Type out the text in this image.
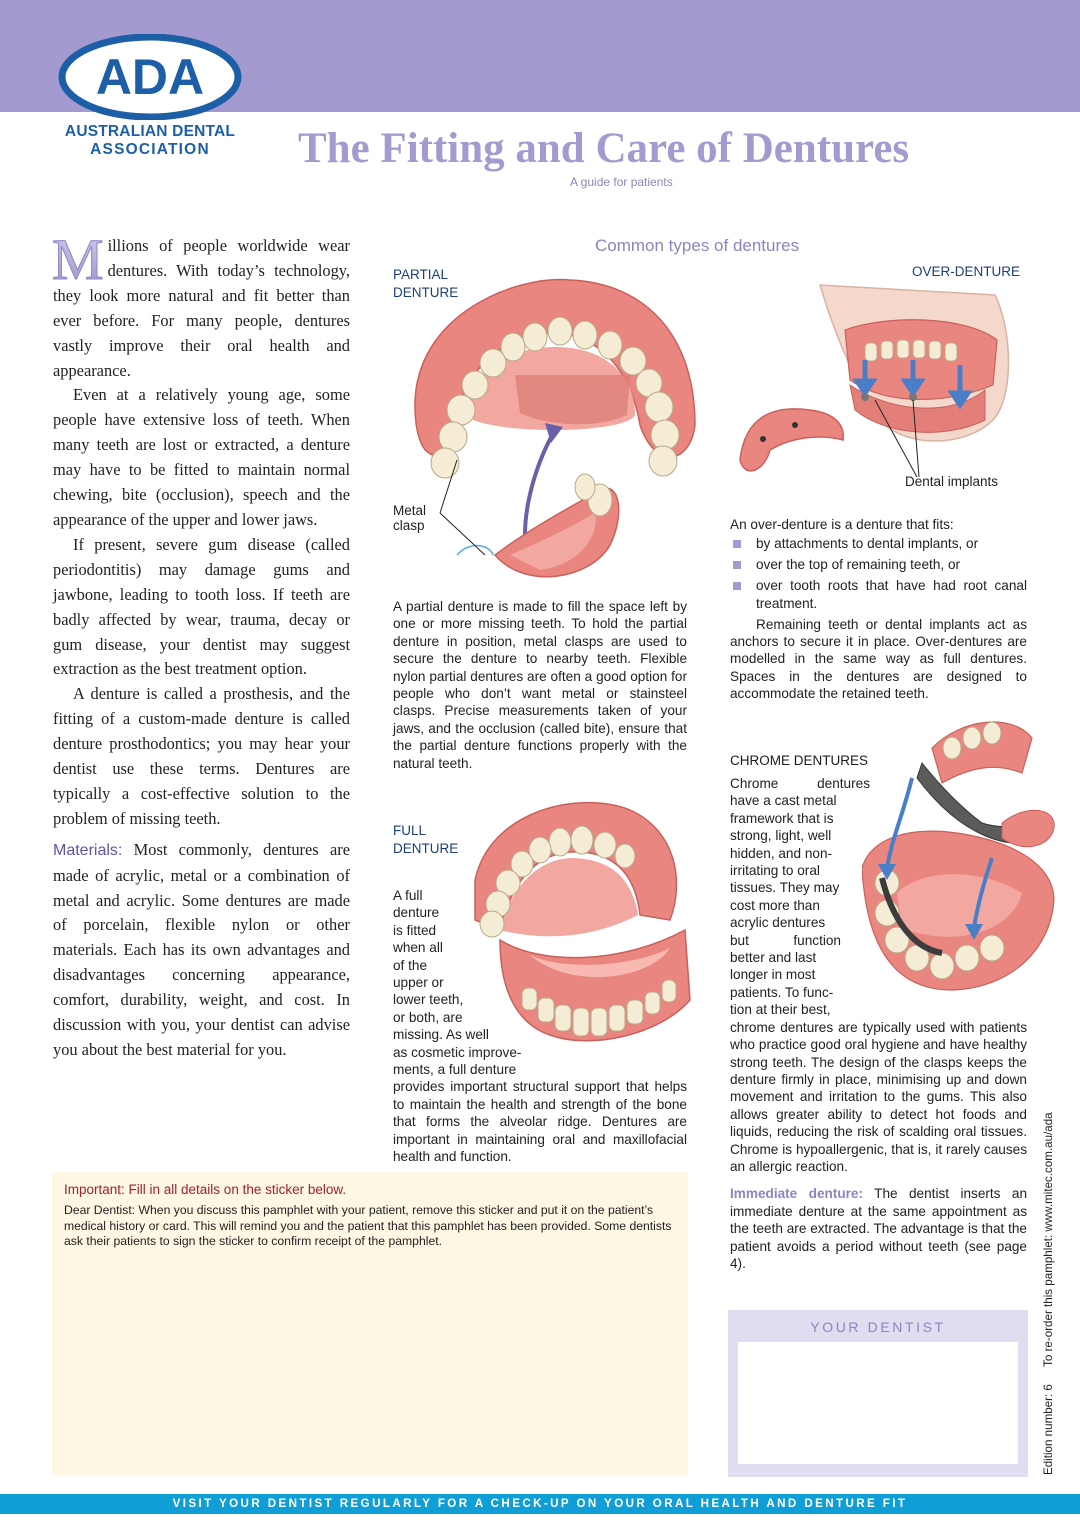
ADA
AUSTRALIAN DENTAL
ASSOCIATION	The Fitting and Care of Dentures
A guide for patients

M illions of people worldwide wear dentures. With today’s technology, they look more natural and fit better than ever before. For many people, dentures vastly improve their oral health and appearance.

Even at a relatively young age, some people have extensive loss of teeth. When many teeth are lost or extracted, a denture may have to be fitted to maintain normal chewing, bite (occlusion), speech and the appearance of the upper and lower jaws.

If present, severe gum disease (called periodontitis) may damage gums and jawbone, leading to tooth loss. If teeth are badly affected by wear, trauma, decay or gum disease, your dentist may suggest extraction as the best treatment option.

A denture is called a prosthesis, and the fitting of a custom-made denture is called denture prosthodontics; you may hear your dentist use these terms. Dentures are typically a cost-effective solution to the problem of missing teeth.

Materials: Most commonly, dentures are made of acrylic, metal or a combination of metal and acrylic. Some dentures are made of porcelain, flexible nylon or other materials. Each has its own advantages and disadvantages concerning appearance, comfort, durability, weight, and cost. In discussion with you, your dentist can advise you about the best material for you.

Common types of dentures
PARTIAL
DENTURE
Metal
clasp
A partial denture is made to fill the space left by one or more missing teeth. To hold the partial denture in position, metal clasps are used to secure the denture to nearby teeth. Flexible nylon partial dentures are often a good option for people who don’t want metal or stainsteel clasps. Precise measurements taken of your jaws, and the occlusion (called bite), ensure that the partial denture functions properly with the natural teeth.
FULL
DENTURE
A full
denture
is fitted
when all
of the
upper or
lower teeth,
or both, are
missing. As well
as cosmetic improve-
ments, a full denture
provides important structural support that helps to maintain the health and strength of the bone that forms the alveolar ridge. Dentures are important in maintaining oral and maxillofacial health and function.
OVER-DENTURE
Dental implants

An over-denture is a denture that fits:

by attachments to dental implants, or
over the top of remaining teeth, or
over tooth roots that have had root canal treatment.

Remaining teeth or dental implants act as anchors to secure it in place. Over-dentures are modelled in the same way as full dentures. Spaces in the dentures are designed to accommodate the retained teeth.

CHROME DENTURES
Chrome dentures
have a cast metal
framework that is
strong, light, well
hidden, and non-
irritating to oral
tissues. They may
cost more than
acrylic dentures
but function
better and last
longer in most
patients. To func-
tion at their best,
chrome dentures are typically used with patients who practice good oral hygiene and have healthy strong teeth. The design of the clasps keeps the denture firmly in place, minimising up and down movement and irritation to the gums. This also allows greater ability to detect hot foods and liquids, reducing the risk of scalding oral tissues. Chrome is hypoallergenic, that is, it rarely causes an allergic reaction.

Immediate denture: The dentist inserts an immediate denture at the same appointment as the teeth are extracted. The advantage is that the patient avoids a period without teeth (see page 4).

Important: Fill in all details on the sticker below.
Dear Dentist: When you discuss this pamphlet with your patient, remove this sticker and put it on the patient’s medical history or card. This will remind you and the patient that this pamphlet has been provided. Some dentists ask their patients to sign the sticker to confirm receipt of the pamphlet.
YOUR DENTIST
Edition number: 6 To re-order this pamphlet: www.mitec.com.au/ada
VISIT YOUR DENTIST REGULARLY FOR A CHECK-UP ON YOUR ORAL HEALTH AND DENTURE FIT
